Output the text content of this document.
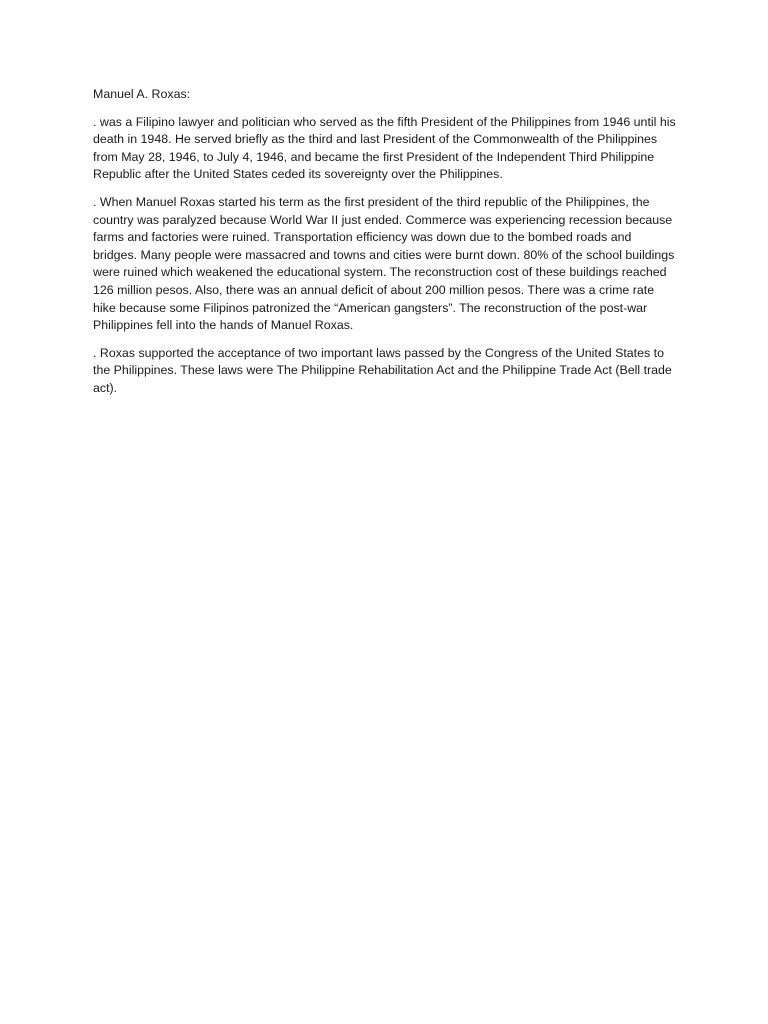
Manuel A. Roxas:

. was a Filipino lawyer and politician who served as the fifth President of the Philippines from 1946 until his death in 1948. He served briefly as the third and last President of the Commonwealth of the Philippines from May 28, 1946, to July 4, 1946, and became the first President of the Independent Third Philippine Republic after the United States ceded its sovereignty over the Philippines.

. When Manuel Roxas started his term as the first president of the third republic of the Philippines, the country was paralyzed because World War II just ended. Commerce was experiencing recession because farms and factories were ruined. Transportation efficiency was down due to the bombed roads and bridges. Many people were massacred and towns and cities were burnt down. 80% of the school buildings were ruined which weakened the educational system. The reconstruction cost of these buildings reached 126 million pesos. Also, there was an annual deficit of about 200 million pesos. There was a crime rate hike because some Filipinos patronized the “American gangsters”. The reconstruction of the post-war Philippines fell into the hands of Manuel Roxas.

. Roxas supported the acceptance of two important laws passed by the Congress of the United States to the Philippines. These laws were The Philippine Rehabilitation Act and the Philippine Trade Act (Bell trade act).
